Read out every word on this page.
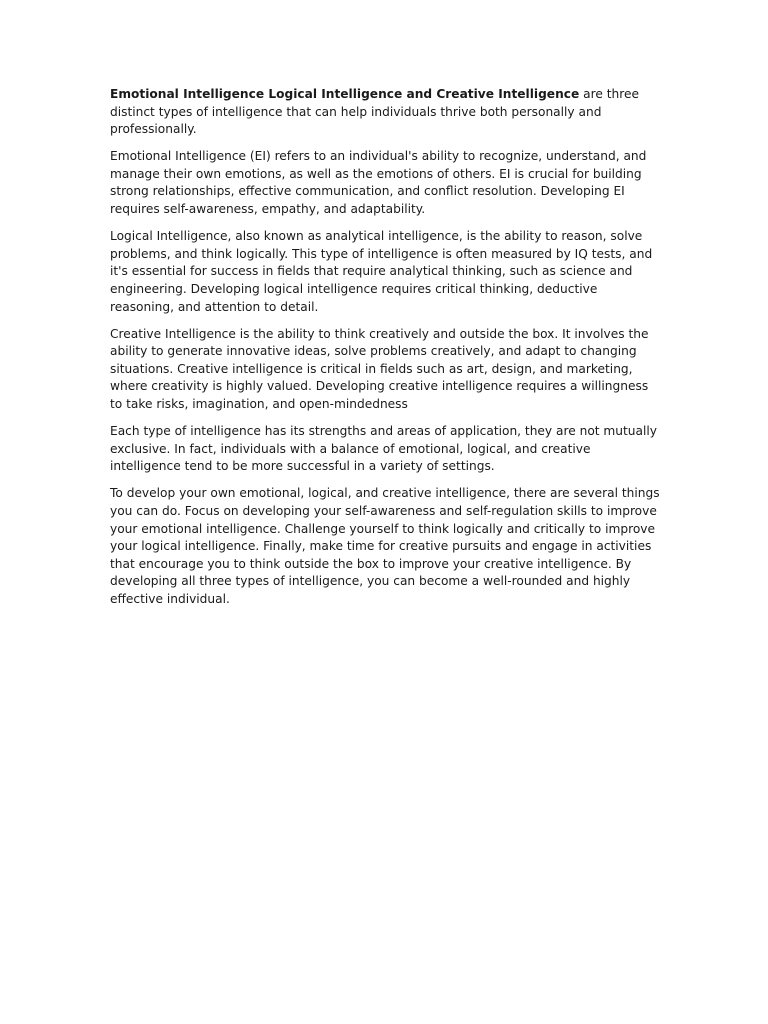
Emotional Intelligence Logical Intelligence and Creative Intelligence are three distinct types of intelligence that can help individuals thrive both personally and professionally.

Emotional Intelligence (EI) refers to an individual's ability to recognize, understand, and manage their own emotions, as well as the emotions of others. EI is crucial for building strong relationships, effective communication, and conflict resolution. Developing EI requires self-awareness, empathy, and adaptability.

Logical Intelligence, also known as analytical intelligence, is the ability to reason, solve problems, and think logically. This type of intelligence is often measured by IQ tests, and it's essential for success in fields that require analytical thinking, such as science and engineering. Developing logical intelligence requires critical thinking, deductive reasoning, and attention to detail.

Creative Intelligence is the ability to think creatively and outside the box. It involves the ability to generate innovative ideas, solve problems creatively, and adapt to changing situations. Creative intelligence is critical in fields such as art, design, and marketing, where creativity is highly valued. Developing creative intelligence requires a willingness to take risks, imagination, and open-mindedness

Each type of intelligence has its strengths and areas of application, they are not mutually exclusive. In fact, individuals with a balance of emotional, logical, and creative intelligence tend to be more successful in a variety of settings.

To develop your own emotional, logical, and creative intelligence, there are several things you can do. Focus on developing your self-awareness and self-regulation skills to improve your emotional intelligence. Challenge yourself to think logically and critically to improve your logical intelligence. Finally, make time for creative pursuits and engage in activities that encourage you to think outside the box to improve your creative intelligence. By developing all three types of intelligence, you can become a well-rounded and highly effective individual.
